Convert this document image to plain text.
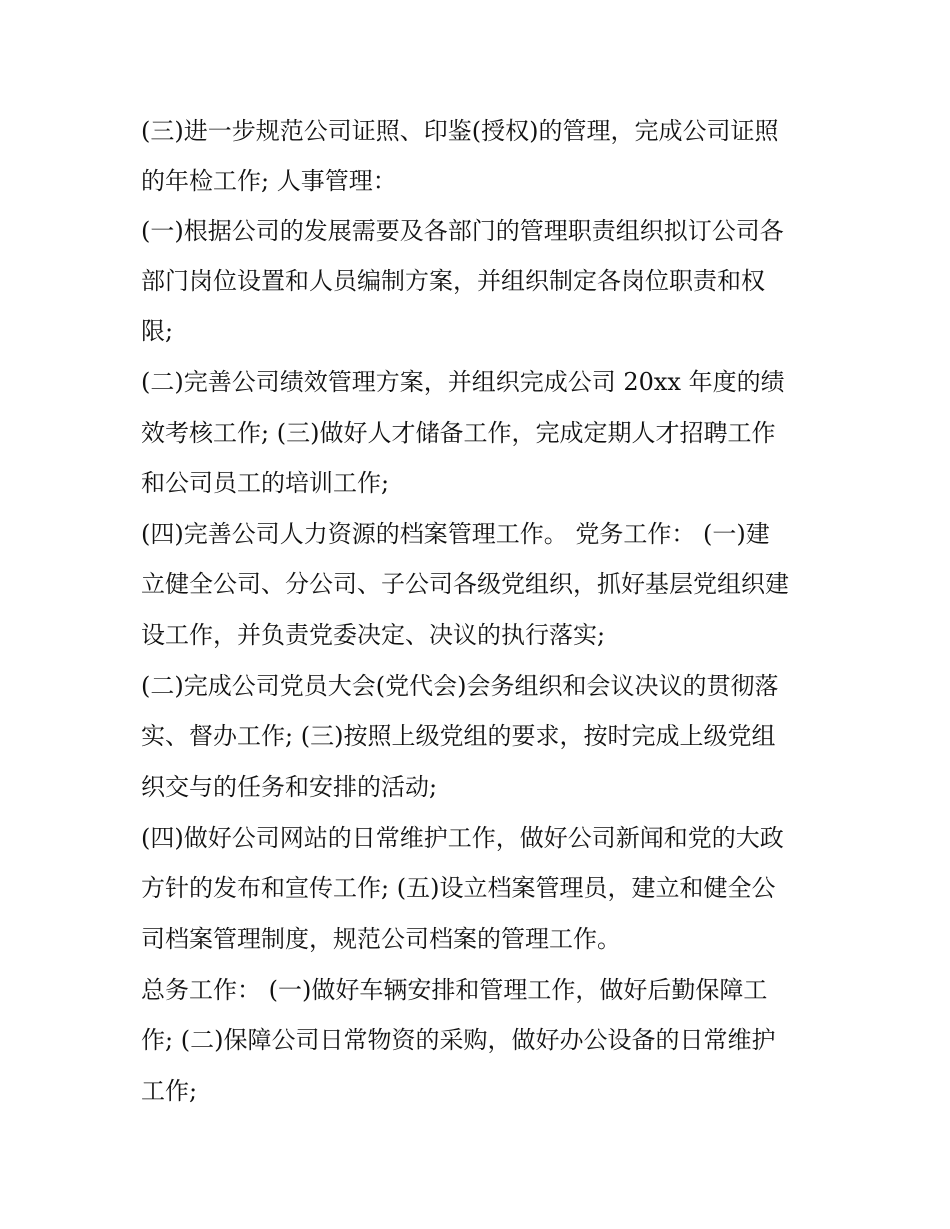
(三)进一步规范公司证照、印鉴(授权)的管理，完成公司证照
的年检工作; 人事管理：
(一)根据公司的发展需要及各部门的管理职责组织拟订公司各
部门岗位设置和人员编制方案，并组织制定各岗位职责和权
限;
(二)完善公司绩效管理方案，并组织完成公司 20xx 年度的绩
效考核工作; (三)做好人才储备工作，完成定期人才招聘工作
和公司员工的培训工作;
(四)完善公司人力资源的档案管理工作。 党务工作： (一)建
立健全公司、分公司、子公司各级党组织，抓好基层党组织建
设工作，并负责党委决定、决议的执行落实;
(二)完成公司党员大会(党代会)会务组织和会议决议的贯彻落
实、督办工作; (三)按照上级党组的要求，按时完成上级党组
织交与的任务和安排的活动;
(四)做好公司网站的日常维护工作，做好公司新闻和党的大政
方针的发布和宣传工作; (五)设立档案管理员，建立和健全公
司档案管理制度，规范公司档案的管理工作。
总务工作： (一)做好车辆安排和管理工作，做好后勤保障工
作; (二)保障公司日常物资的采购，做好办公设备的日常维护
工作;
